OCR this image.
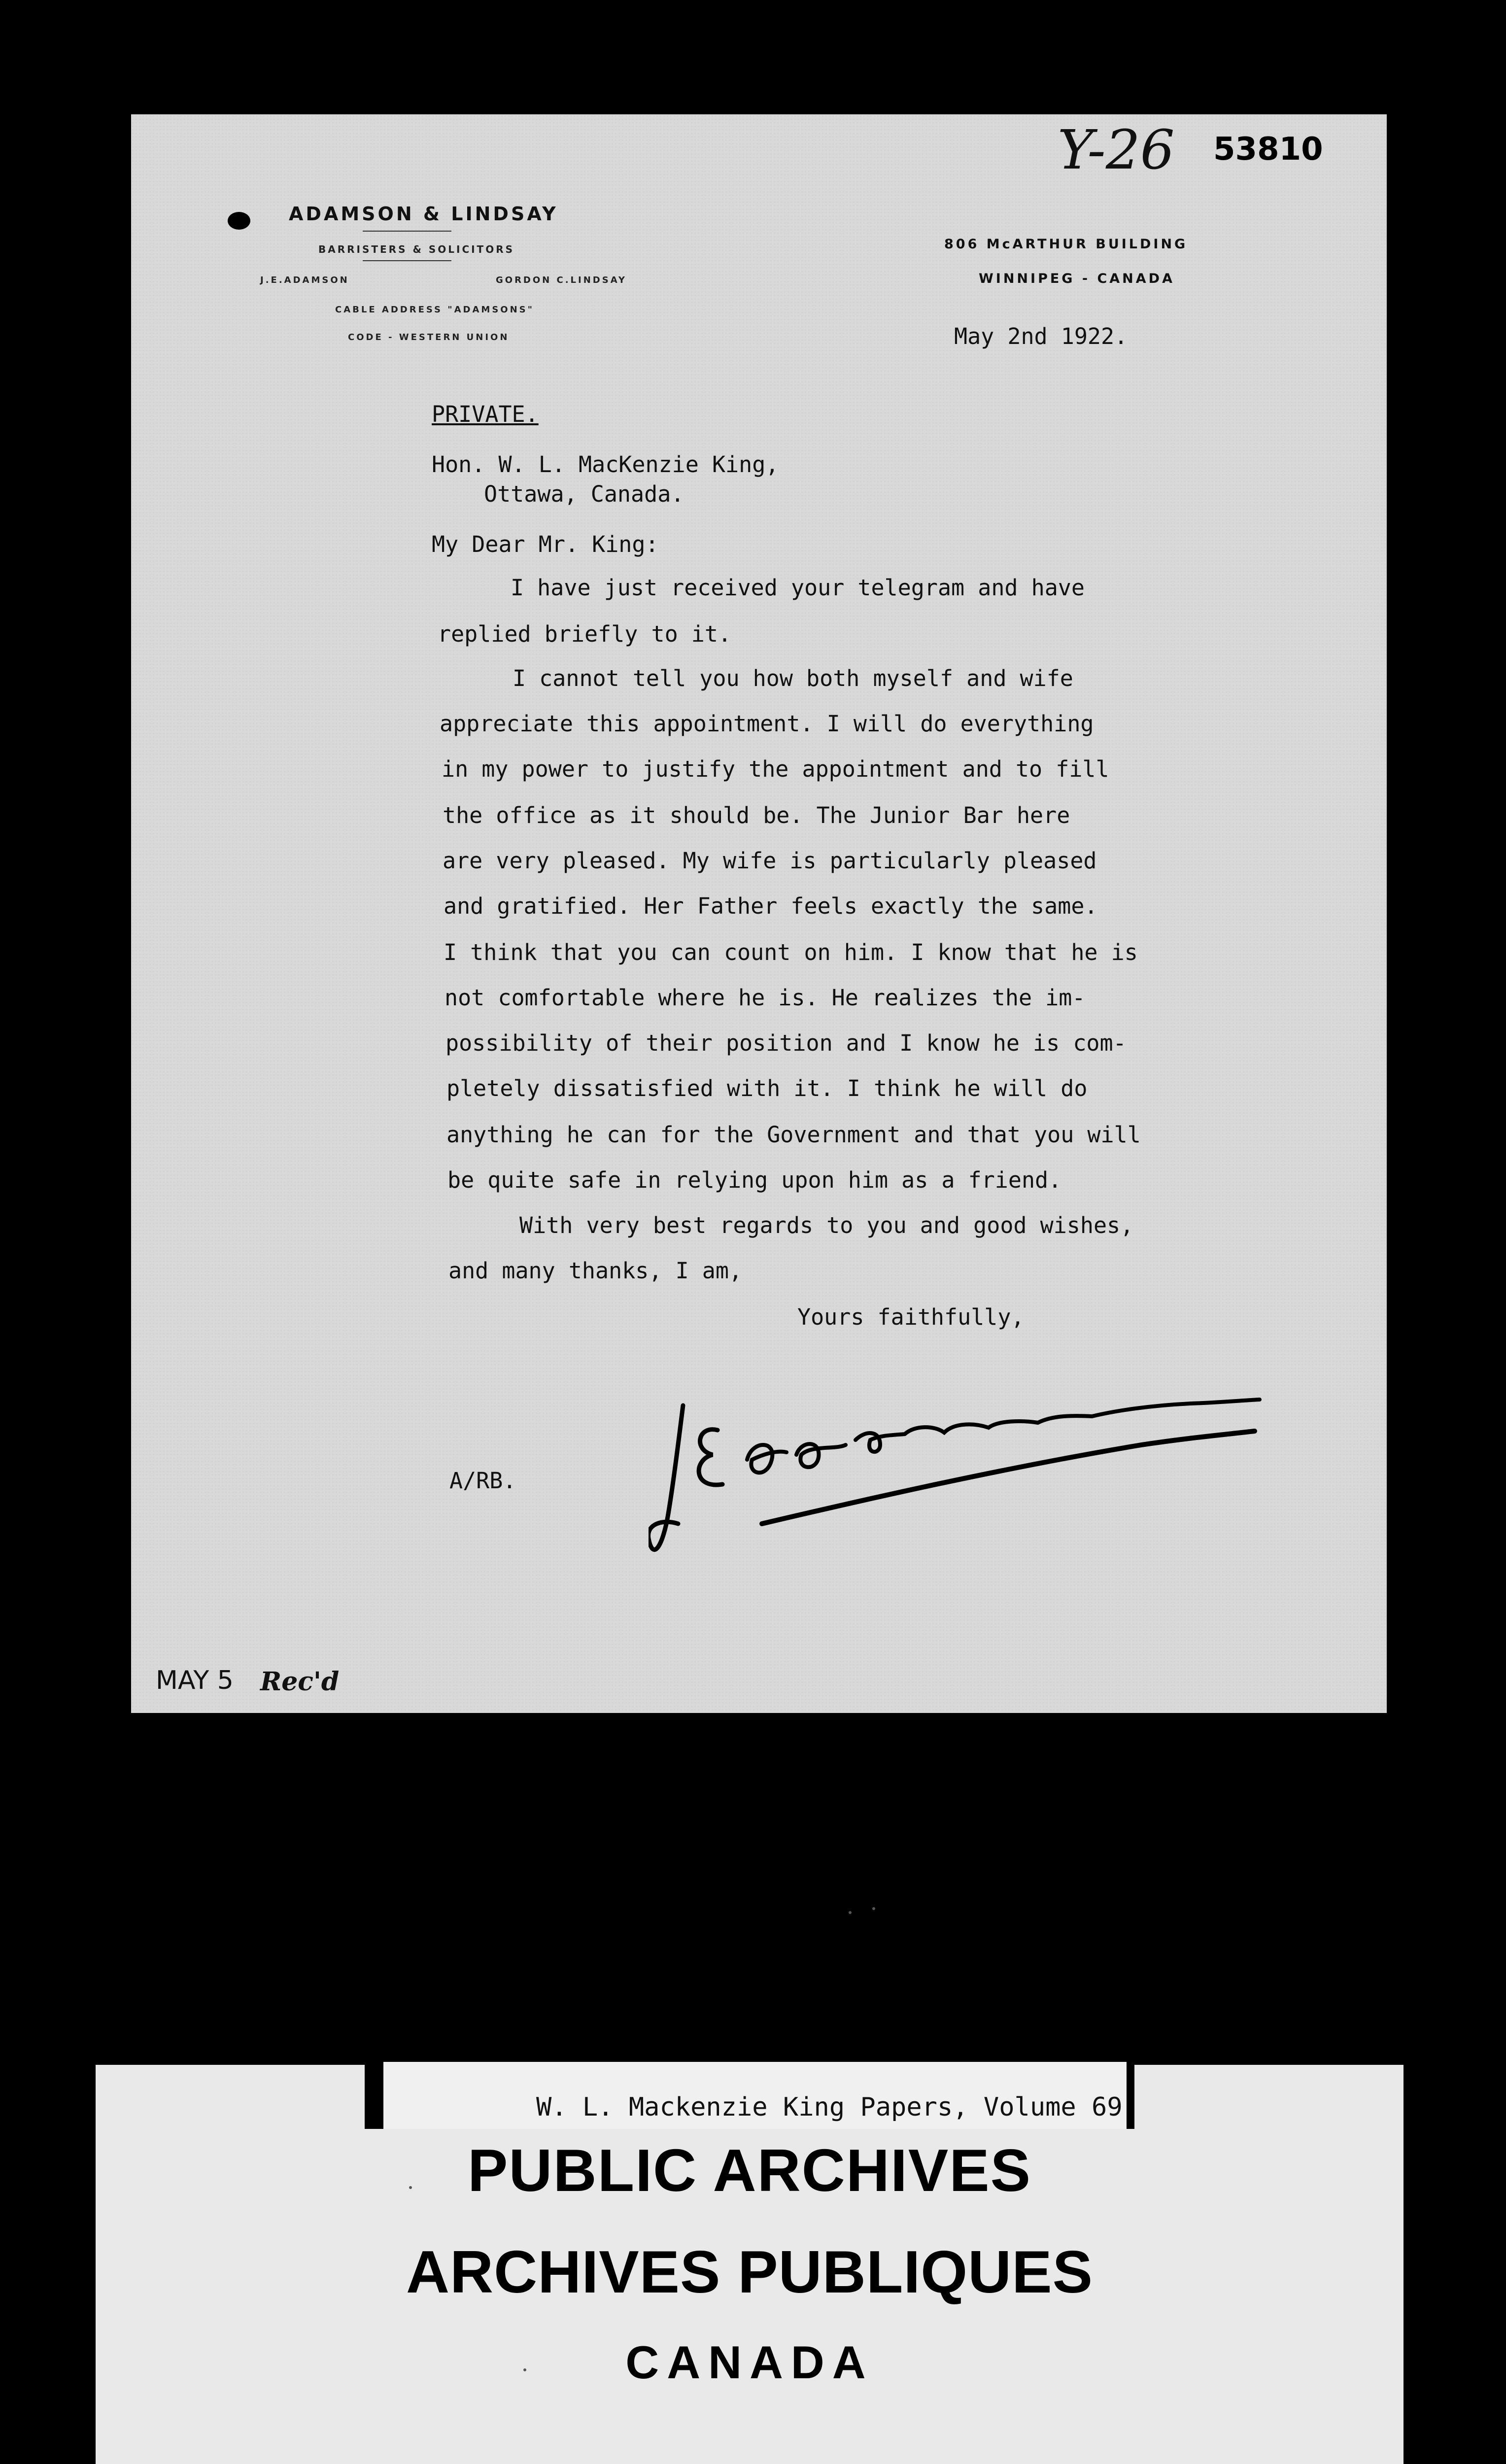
ADAMSON & LINDSAY
BARRISTERS & SOLICITORS
J.E.ADAMSON	GORDON C.LINDSAY
CABLE ADDRESS "ADAMSONS"
CODE - WESTERN UNION
806 McARTHUR BUILDING
WINNIPEG - CANADA
Y-26 53810
May 2nd 1922.
PRIVATE.
Hon. W. L. MacKenzie King,
Ottawa, Canada.
My Dear Mr. King:
I have just received your telegram and have
replied briefly to it.
I cannot tell you how both myself and wife
appreciate this appointment. I will do everything
in my power to justify the appointment and to fill
the office as it should be. The Junior Bar here
are very pleased. My wife is particularly pleased
and gratified. Her Father feels exactly the same.
I think that you can count on him. I know that he is
not comfortable where he is. He realizes the im-
possibility of their position and I know he is com-
pletely dissatisfied with it. I think he will do
anything he can for the Government and that you will
be quite safe in relying upon him as a friend.
With very best regards to you and good wishes,
and many thanks, I am,
Yours faithfully,
A/RB.
MAY 5 Rec'd
W. L. Mackenzie King Papers, Volume 69
PUBLIC ARCHIVES
ARCHIVES PUBLIQUES
CANADA
